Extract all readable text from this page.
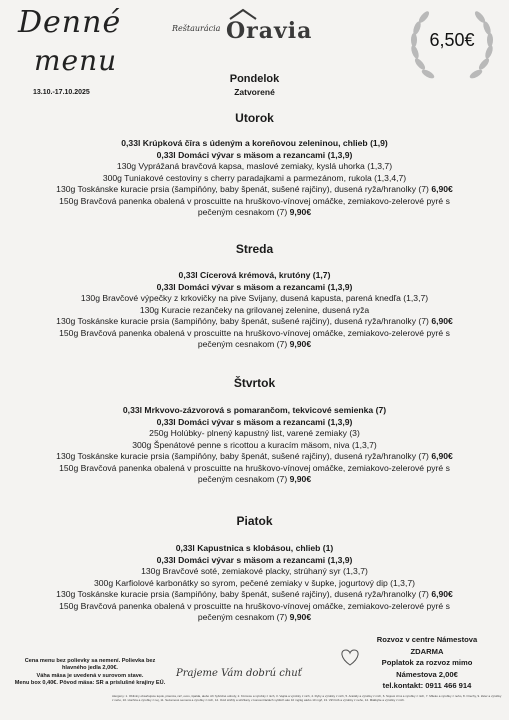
Denné
menu
13.10.-17.10.2025
Reštaurácia Oravia	6,50€
Pondelok
Zatvorené
Utorok
0,33l Krúpková čīra s údeným a koreňovou zeleninou, chlieb (1,9)
0,33l Domáci vývar s mäsom a rezancami (1,3,9)
130g Vyprážaná bravčová kapsa, maslové zemiaky, kyslá uhorka (1,3,7)
300g Tuniakové cestoviny s cherry paradajkami a parmezánom, rukola (1,3,4,7)
130g Toskánske kuracie prsia (šampiňóny, baby špenát, sušené rajčiny), dusená ryža/hranolky (7) 6,90€
150g Bravčová panenka obalená v proscuitte na hruškovo-vínovej omáčke, zemiakovo-zelerové pyré s
pečeným cesnakom (7) 9,90€
Streda
0,33l Cícerová krémová, krutóny (1,7)
0,33l Domáci vývar s mäsom a rezancami (1,3,9)
130g Bravčové výpečky z krkovičky na pive Svijany, dusená kapusta, parená knedľa (1,3,7)
130g Kuracie rezančeky na grilovanej zelenine, dusená ryža
130g Toskánske kuracie prsia (šampiňóny, baby špenát, sušené rajčiny), dusená ryža/hranolky (7) 6,90€
150g Bravčová panenka obalená v proscuitte na hruškovo-vínovej omáčke, zemiakovo-zelerové pyré s
pečeným cesnakom (7) 9,90€
Štvrtok
0,33l Mrkvovo-zázvorová s pomarančom, tekvicové semienka (7)
0,33l Domáci vývar s mäsom a rezancami (1,3,9)
250g Holúbky- plnený kapustný list, varené zemiaky (3)
300g Špenátové penne s ricottou a kuracím mäsom, niva (1,3,7)
130g Toskánske kuracie prsia (šampiňóny, baby špenát, sušené rajčiny), dusená ryža/hranolky (7) 6,90€
150g Bravčová panenka obalená v proscuitte na hruškovo-vínovej omáčke, zemiakovo-zelerové pyré s
pečeným cesnakom (7) 9,90€
Piatok
0,33l Kapustnica s klobásou, chlieb (1)
0,33l Domáci vývar s mäsom a rezancami (1,3,9)
130g Bravčové soté, zemiakové placky, strúhaný syr (1,3,7)
300g Karfiolové karbonátky so syrom, pečené zemiaky v šupke, jogurtový dip (1,3,7)
130g Toskánske kuracie prsia (šampiňóny, baby špenát, sušené rajčiny), dusená ryža/hranolky (7) 6,90€
150g Bravčová panenka obalená v proscuitte na hruškovo-vínovej omáčke, zemiakovo-zelerové pyré s
pečeným cesnakom (7) 9,90€
Cena menu bez polievky sa nemení. Polievka bez
hlavného jedla 2,00€.
Váha mäsa je uvedená v surovom stave.
Menu box 0,40€. Pôvod mäsa: SR a príslušné krajiny EÚ.
Prajeme Vám dobrú chuť
Rozvoz v centre Námestova
ZDARMA
Poplatok za rozvoz mimo
Námestova 2,00€
tel.kontakt: 0911 466 914
Alergény: 1. Obilniny obsahujúce lepok, pšenica, raž, ovos, špalda, alebo ich hybridné odrody, 2. Kôrovce a výrobky z nich, 3. Vajcia a výrobky z nich, 4. Ryby a výrobky z nich, 5. Arašidy a výrobky z nich, 6. Sójové zrná a výrobky z nich, 7. Mlieko a výrobky z neho, 8. Orechy, 9. Zeler a výrobky z neho, 10. Horčica a výrobky z nej, 11. Sezamové semená a výrobky z nich, 12. Oxid siričitý a siričitany v koncentráciách vyšších ako 10 mg/kg alebo 10 mg/l, 13. Vlčí bôb a výrobky z neho, 14. Mäkkýše a výrobky z nich.
